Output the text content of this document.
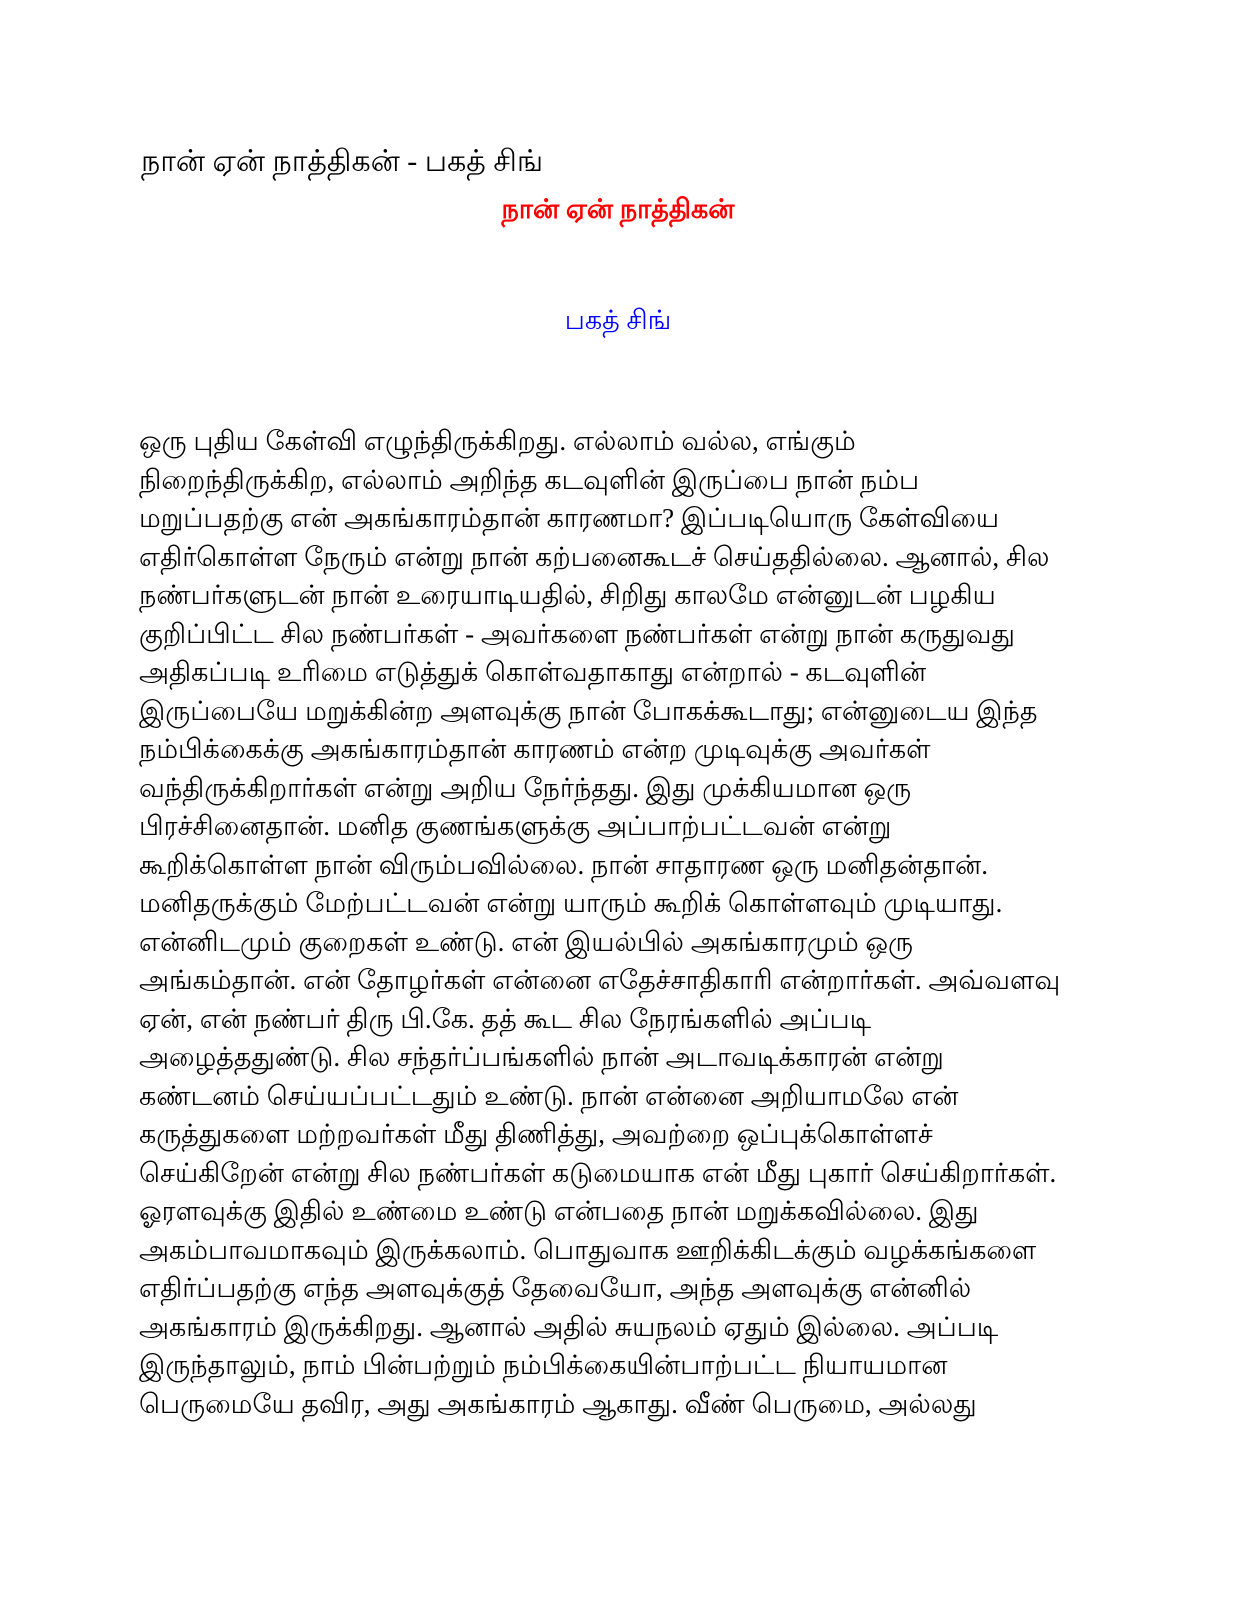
நான் ஏன் நாத்திகன் - பகத் சிங்
நான் ஏன் நாத்திகன்
பகத் சிங்
ஒரு புதிய கேள்வி எழுந்திருக்கிறது. எல்லாம் வல்ல, எங்கும்
நிறைந்திருக்கிற, எல்லாம் அறிந்த கடவுளின் இருப்பை நான் நம்ப
மறுப்பதற்கு என் அகங்காரம்தான் காரணமா? இப்படியொரு கேள்வியை
எதிர்கொள்ள நேரும் என்று நான் கற்பனைகூடச் செய்ததில்லை. ஆனால், சில
நண்பர்களுடன் நான் உரையாடியதில், சிறிது காலமே என்னுடன் பழகிய
குறிப்பிட்ட சில நண்பர்கள் - அவர்களை நண்பர்கள் என்று நான் கருதுவது
அதிகப்படி உரிமை எடுத்துக் கொள்வதாகாது என்றால் - கடவுளின்
இருப்பையே மறுக்கின்ற அளவுக்கு நான் போகக்கூடாது; என்னுடைய இந்த
நம்பிக்கைக்கு அகங்காரம்தான் காரணம் என்ற முடிவுக்கு அவர்கள்
வந்திருக்கிறார்கள் என்று அறிய நேர்ந்தது. இது முக்கியமான ஒரு
பிரச்சினைதான். மனித குணங்களுக்கு அப்பாற்பட்டவன் என்று
கூறிக்கொள்ள நான் விரும்பவில்லை. நான் சாதாரண ஒரு மனிதன்தான்.
மனிதருக்கும் மேற்பட்டவன் என்று யாரும் கூறிக் கொள்ளவும் முடியாது.
என்னிடமும் குறைகள் உண்டு. என் இயல்பில் அகங்காரமும் ஒரு
அங்கம்தான். என் தோழர்கள் என்னை எதேச்சாதிகாரி என்றார்கள். அவ்வளவு
ஏன், என் நண்பர் திரு பி.கே. தத் கூட சில நேரங்களில் அப்படி
அழைத்ததுண்டு. சில சந்தர்ப்பங்களில் நான் அடாவடிக்காரன் என்று
கண்டனம் செய்யப்பட்டதும் உண்டு. நான் என்னை அறியாமலே என்
கருத்துகளை மற்றவர்கள் மீது திணித்து, அவற்றை ஒப்புக்கொள்ளச்
செய்கிறேன் என்று சில நண்பர்கள் கடுமையாக என் மீது புகார் செய்கிறார்கள்.
ஓரளவுக்கு இதில் உண்மை உண்டு என்பதை நான் மறுக்கவில்லை. இது
அகம்பாவமாகவும் இருக்கலாம். பொதுவாக ஊறிக்கிடக்கும் வழக்கங்களை
எதிர்ப்பதற்கு எந்த அளவுக்குத் தேவையோ, அந்த அளவுக்கு என்னில்
அகங்காரம் இருக்கிறது. ஆனால் அதில் சுயநலம் ஏதும் இல்லை. அப்படி
இருந்தாலும், நாம் பின்பற்றும் நம்பிக்கையின்பாற்பட்ட நியாயமான
பெருமையே தவிர, அது அகங்காரம் ஆகாது. வீண் பெருமை, அல்லது
